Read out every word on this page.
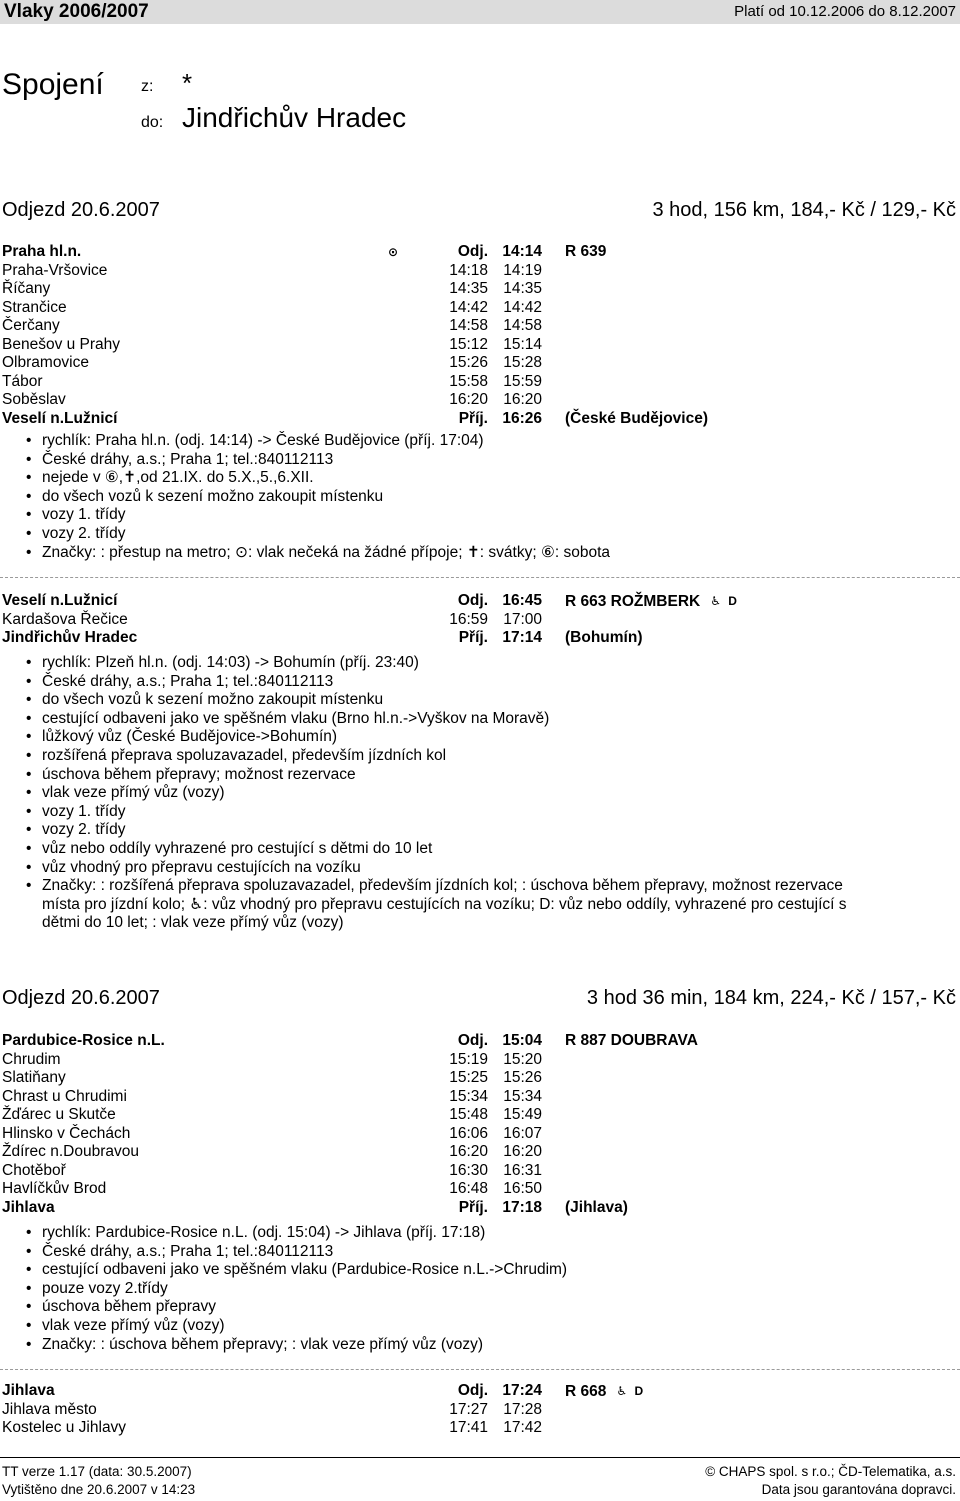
Vlaky 2006/2007	Platí od 10.12.2006 do 8.12.2007
Spojení z: *
do: Jindřichův Hradec
Odjezd 20.6.2007	3 hod, 156 km, 184,- Kč / 129,- Kč
Praha hl.n.	⊙	Odj. 14:14 R 639
Praha-Vršovice	14:18 14:19
Říčany	14:35 14:35
Strančice	14:42 14:42
Čerčany	14:58 14:58
Benešov u Prahy	15:12 15:14
Olbramovice	15:26 15:28
Tábor	15:58 15:59
Soběslav	16:20 16:20
Veselí n.Lužnicí	Příj. 16:26 (České Budějovice)
• rychlík: Praha hl.n. (odj. 14:14) -> České Budějovice (příj. 17:04)
• České dráhy, a.s.; Praha 1; tel.:840112113
• nejede v ⑥,✝,od 21.IX. do 5.X.,5.,6.XII.
• do všech vozů k sezení možno zakoupit místenku
• vozy 1. třídy
• vozy 2. třídy
• Značky: : přestup na metro; ⊙: vlak nečeká na žádné přípoje; ✝: svátky; ⑥: sobota
Veselí n.Lužnicí	Odj. 16:45 R 663 ROŽMBERK ♿ D
Kardašova Řečice	16:59 17:00
Jindřichův Hradec	Příj. 17:14 (Bohumín)
• rychlík: Plzeň hl.n. (odj. 14:03) -> Bohumín (příj. 23:40)
• České dráhy, a.s.; Praha 1; tel.:840112113
• do všech vozů k sezení možno zakoupit místenku
• cestující odbaveni jako ve spěšném vlaku (Brno hl.n.->Vyškov na Moravě)
• lůžkový vůz (České Budějovice->Bohumín)
• rozšířená přeprava spoluzavazadel, především jízdních kol
• úschova během přepravy; možnost rezervace
• vlak veze přímý vůz (vozy)
• vozy 1. třídy
• vozy 2. třídy
• vůz nebo oddíly vyhrazené pro cestující s dětmi do 10 let
• vůz vhodný pro přepravu cestujících na vozíku
• Značky: : rozšířená přeprava spoluzavazadel, především jízdních kol; : úschova během přepravy, možnost rezervace
místa pro jízdní kolo; ♿: vůz vhodný pro přepravu cestujících na vozíku; D: vůz nebo oddíly, vyhrazené pro cestující s
dětmi do 10 let; : vlak veze přímý vůz (vozy)
Odjezd 20.6.2007	3 hod 36 min, 184 km, 224,- Kč / 157,- Kč
Pardubice-Rosice n.L.	Odj. 15:04 R 887 DOUBRAVA
Chrudim	15:19 15:20
Slatiňany	15:25 15:26
Chrast u Chrudimi	15:34 15:34
Žďárec u Skutče	15:48 15:49
Hlinsko v Čechách	16:06 16:07
Ždírec n.Doubravou	16:20 16:20
Chotěboř	16:30 16:31
Havlíčkův Brod	16:48 16:50
Jihlava	Příj. 17:18 (Jihlava)
• rychlík: Pardubice-Rosice n.L. (odj. 15:04) -> Jihlava (příj. 17:18)
• České dráhy, a.s.; Praha 1; tel.:840112113
• cestující odbaveni jako ve spěšném vlaku (Pardubice-Rosice n.L.->Chrudim)
• pouze vozy 2.třídy
• úschova během přepravy
• vlak veze přímý vůz (vozy)
• Značky: : úschova během přepravy; : vlak veze přímý vůz (vozy)
Jihlava	Odj. 17:24 R 668 ♿ D
Jihlava město	17:27 17:28
Kostelec u Jihlavy	17:41 17:42
TT verze 1.17 (data: 30.5.2007)
Vytištěno dne 20.6.2007 v 14:23
© CHAPS spol. s r.o.; ČD-Telematika, a.s.
Data jsou garantována dopravci.
